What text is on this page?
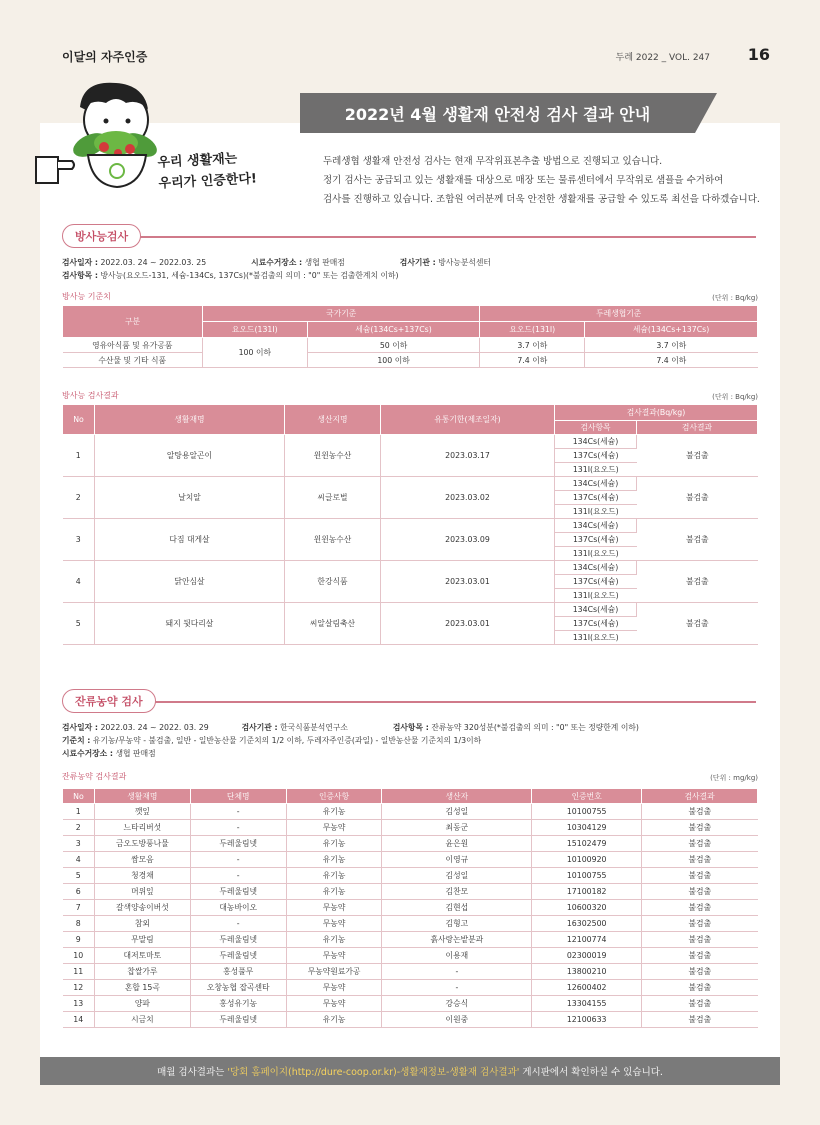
이달의 자주인증	두레 2022 _ VOL. 247 16
우리 생활재는
우리가 인증한다!
2022년 4월 생활재 안전성 검사 결과 안내
두레생협 생활재 안전성 검사는 현재 무작위표본추출 방법으로 진행되고 있습니다.
정기 검사는 공급되고 있는 생활재를 대상으로 매장 또는 물류센터에서 무작위로 샘플을 수거하여
검사를 진행하고 있습니다. 조합원 여러분께 더욱 안전한 생활재를 공급할 수 있도록 최선을 다하겠습니다.
방사능검사
검사일자 : 2022.03. 24 ~ 2022.03. 25	시료수거장소 : 생협 판매점	검사기관 : 방사능분석센터
검사항목 : 방사능(요오드-131, 세슘-134Cs, 137Cs)(*불검출의 의미 : "0" 또는 검출한계치 이하)
방사능 기준치	(단위 : Bq/kg)
구분	국가기준		두레생협기준	
	요오드(131I)	세슘(134Cs+137Cs)	요오드(131I)	세슘(134Cs+137Cs)
영유아식품 및 유가공품	100 이하	50 이하	3.7 이하	3.7 이하
수산물 및 기타 식품		100 이하	7.4 이하	7.4 이하
방사능 검사결과	(단위 : Bq/kg)
No	생활재명	생산지명	유통기한(제조일자)	검사결과(Bq/kg)	
				검사항목	검사결과
1	알탕용알곤이	윈윈농수산	2023.03.17	134Cs(세슘)	불검출
				137Cs(세슘)	
				131I(요오드)	
2	날치알	씨글로벌	2023.03.02	134Cs(세슘)	불검출
				137Cs(세슘)	
				131I(요오드)	
3	다짐 대게살	윈윈농수산	2023.03.09	134Cs(세슘)	불검출
				137Cs(세슘)	
				131I(요오드)	
4	닭안심살	한강식품	2023.03.01	134Cs(세슘)	불검출
				137Cs(세슘)	
				131I(요오드)	
5	돼지 뒷다리살	씨알살림축산	2023.03.01	134Cs(세슘)	불검출
				137Cs(세슘)	
				131I(요오드)	
잔류농약 검사
검사일자 : 2022.03. 24 ~ 2022. 03. 29	검사기관 : 한국식품분석연구소	검사항목 : 잔류농약 320성분(*불검출의 의미 : "0" 또는 정량한계 이하)
기준치 : 유기농/무농약 - 불검출, 일반 - 일반농산물 기준치의 1/2 이하, 두레자주인증(과일) - 일반농산물 기준치의 1/3이하
시료수거장소 : 생협 판매점
잔류농약 검사결과	(단위 : mg/kg)
No	생활재명	단체명	인증사항	생산자	인증번호	검사결과
1	깻잎	-	유기농	김성일	10100755	불검출
2	느타리버섯	-	무농약	최동군	10304129	불검출
3	금오도방풍나물	두레울림넷	유기농	윤은원	15102479	불검출
4	쌈모음	-	유기농	이영규	10100920	불검출
5	청경채	-	유기농	김성일	10100755	불검출
6	머위잎	두레울림넷	유기농	김찬모	17100182	불검출
7	갈색양송이버섯	대농바이오	무농약	김현섭	10600320	불검출
8	참외	-	무농약	김형고	16302500	불검출
9	무말림	두레울림넷	유기농	흙사랑논밭분과	12100774	불검출
10	대저토마토	두레울림넷	무농약	이용재	02300019	불검출
11	찹쌀가루	홍성풀무	무농약원료가공	-	13800210	불검출
12	혼합 15곡	오창농협 잡곡센타	무농약	-	12600402	불검출
13	양파	홍성유기농	무농약	강승식	13304155	불검출
14	시금치	두레울림넷	유기농	이원중	12100633	불검출
매월 검사결과는 '당회 홈페이지(http://dure-coop.or.kr)-생활재정보-생활재 검사결과' 게시판에서 확인하실 수 있습니다.
